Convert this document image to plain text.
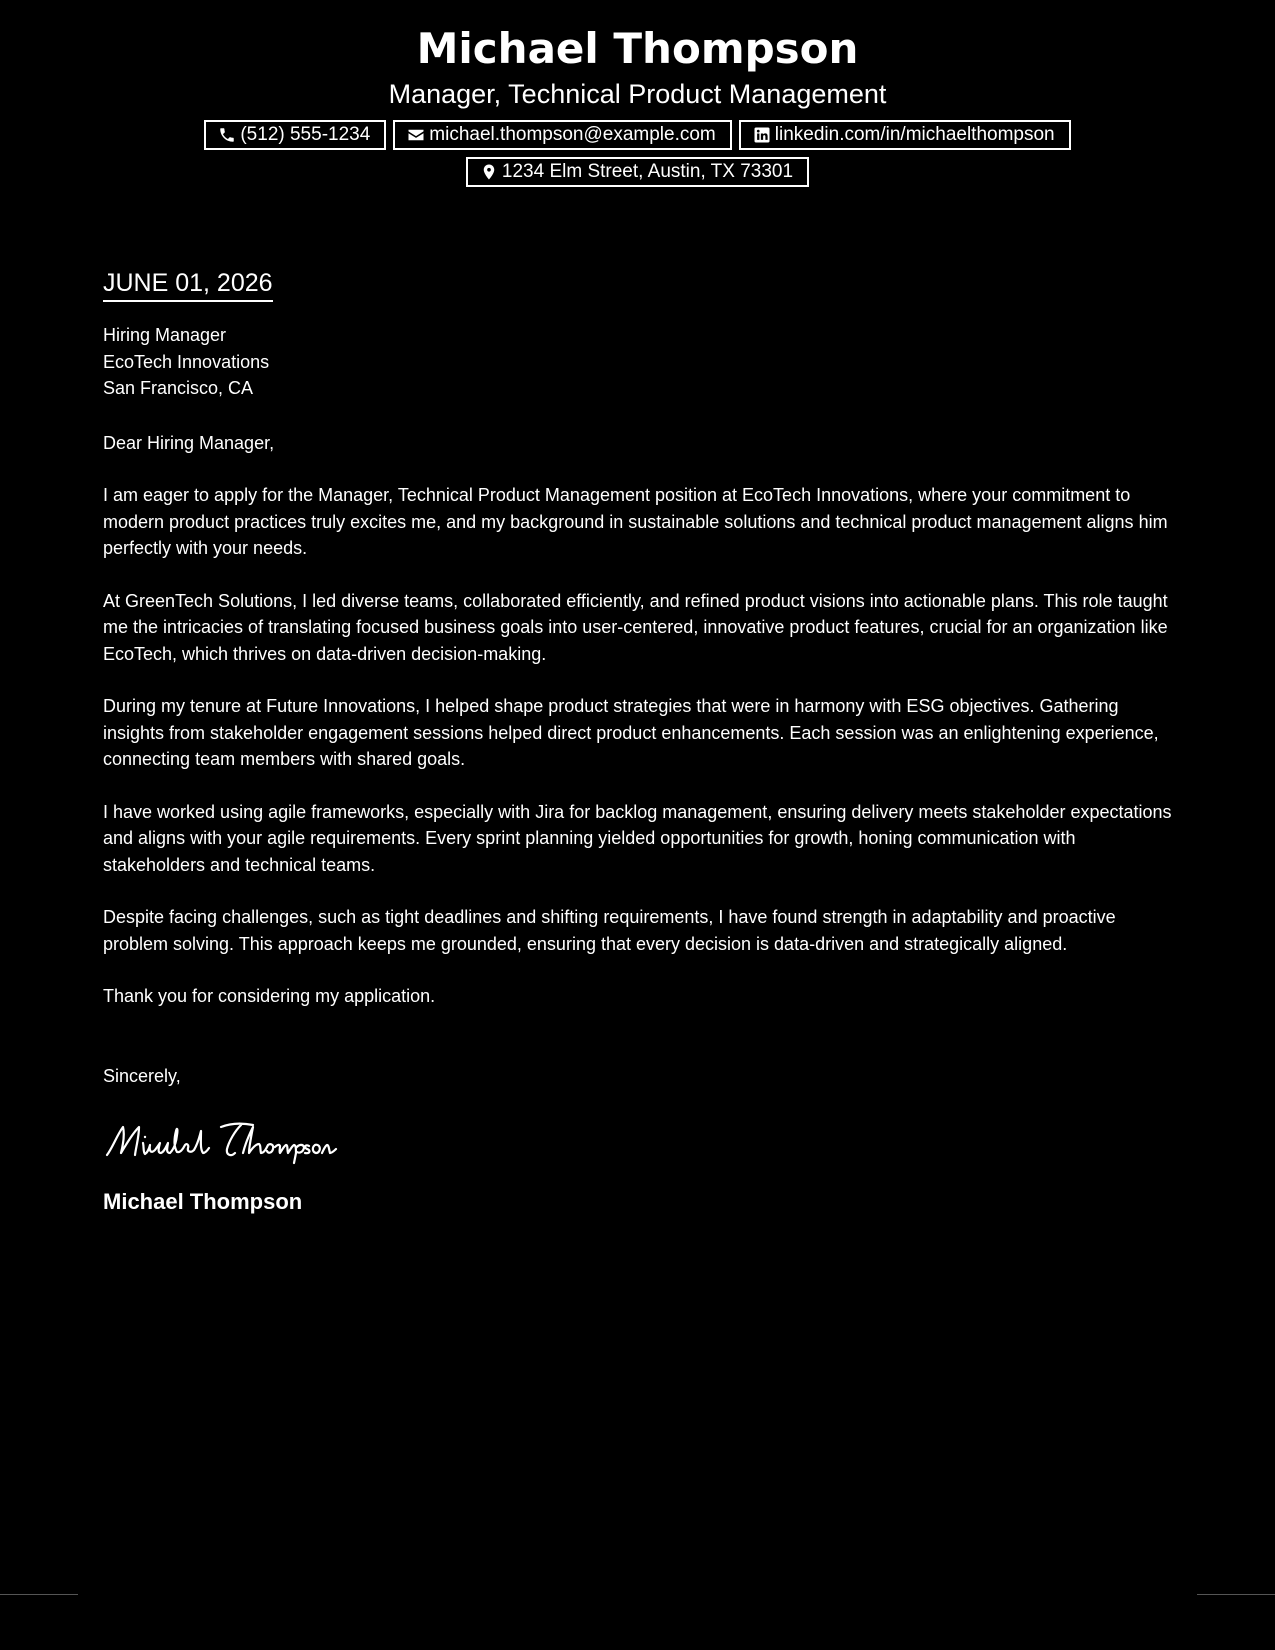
Michael Thompson
Manager, Technical Product Management
(512) 555-1234	michael.thompson@example.com	linkedin.com/in/michaelthompson
1234 Elm Street, Austin, TX 73301
JUNE 01, 2026
Hiring Manager
EcoTech Innovations
San Francisco, CA
Dear Hiring Manager,

I am eager to apply for the Manager, Technical Product Management position at EcoTech Innovations, where your commitment to modern product practices truly excites me, and my background in sustainable solutions and technical product management aligns him perfectly with your needs.

At GreenTech Solutions, I led diverse teams, collaborated efficiently, and refined product visions into actionable plans. This role taught me the intricacies of translating focused business goals into user-centered, innovative product features, crucial for an organization like EcoTech, which thrives on data-driven decision-making.

During my tenure at Future Innovations, I helped shape product strategies that were in harmony with ESG objectives. Gathering insights from stakeholder engagement sessions helped direct product enhancements. Each session was an enlightening experience, connecting team members with shared goals.

I have worked using agile frameworks, especially with Jira for backlog management, ensuring delivery meets stakeholder expectations and aligns with your agile requirements. Every sprint planning yielded opportunities for growth, honing communication with stakeholders and technical teams.

Despite facing challenges, such as tight deadlines and shifting requirements, I have found strength in adaptability and proactive problem solving. This approach keeps me grounded, ensuring that every decision is data-driven and strategically aligned.

Thank you for considering my application.

Sincerely,
Michael Thompson
